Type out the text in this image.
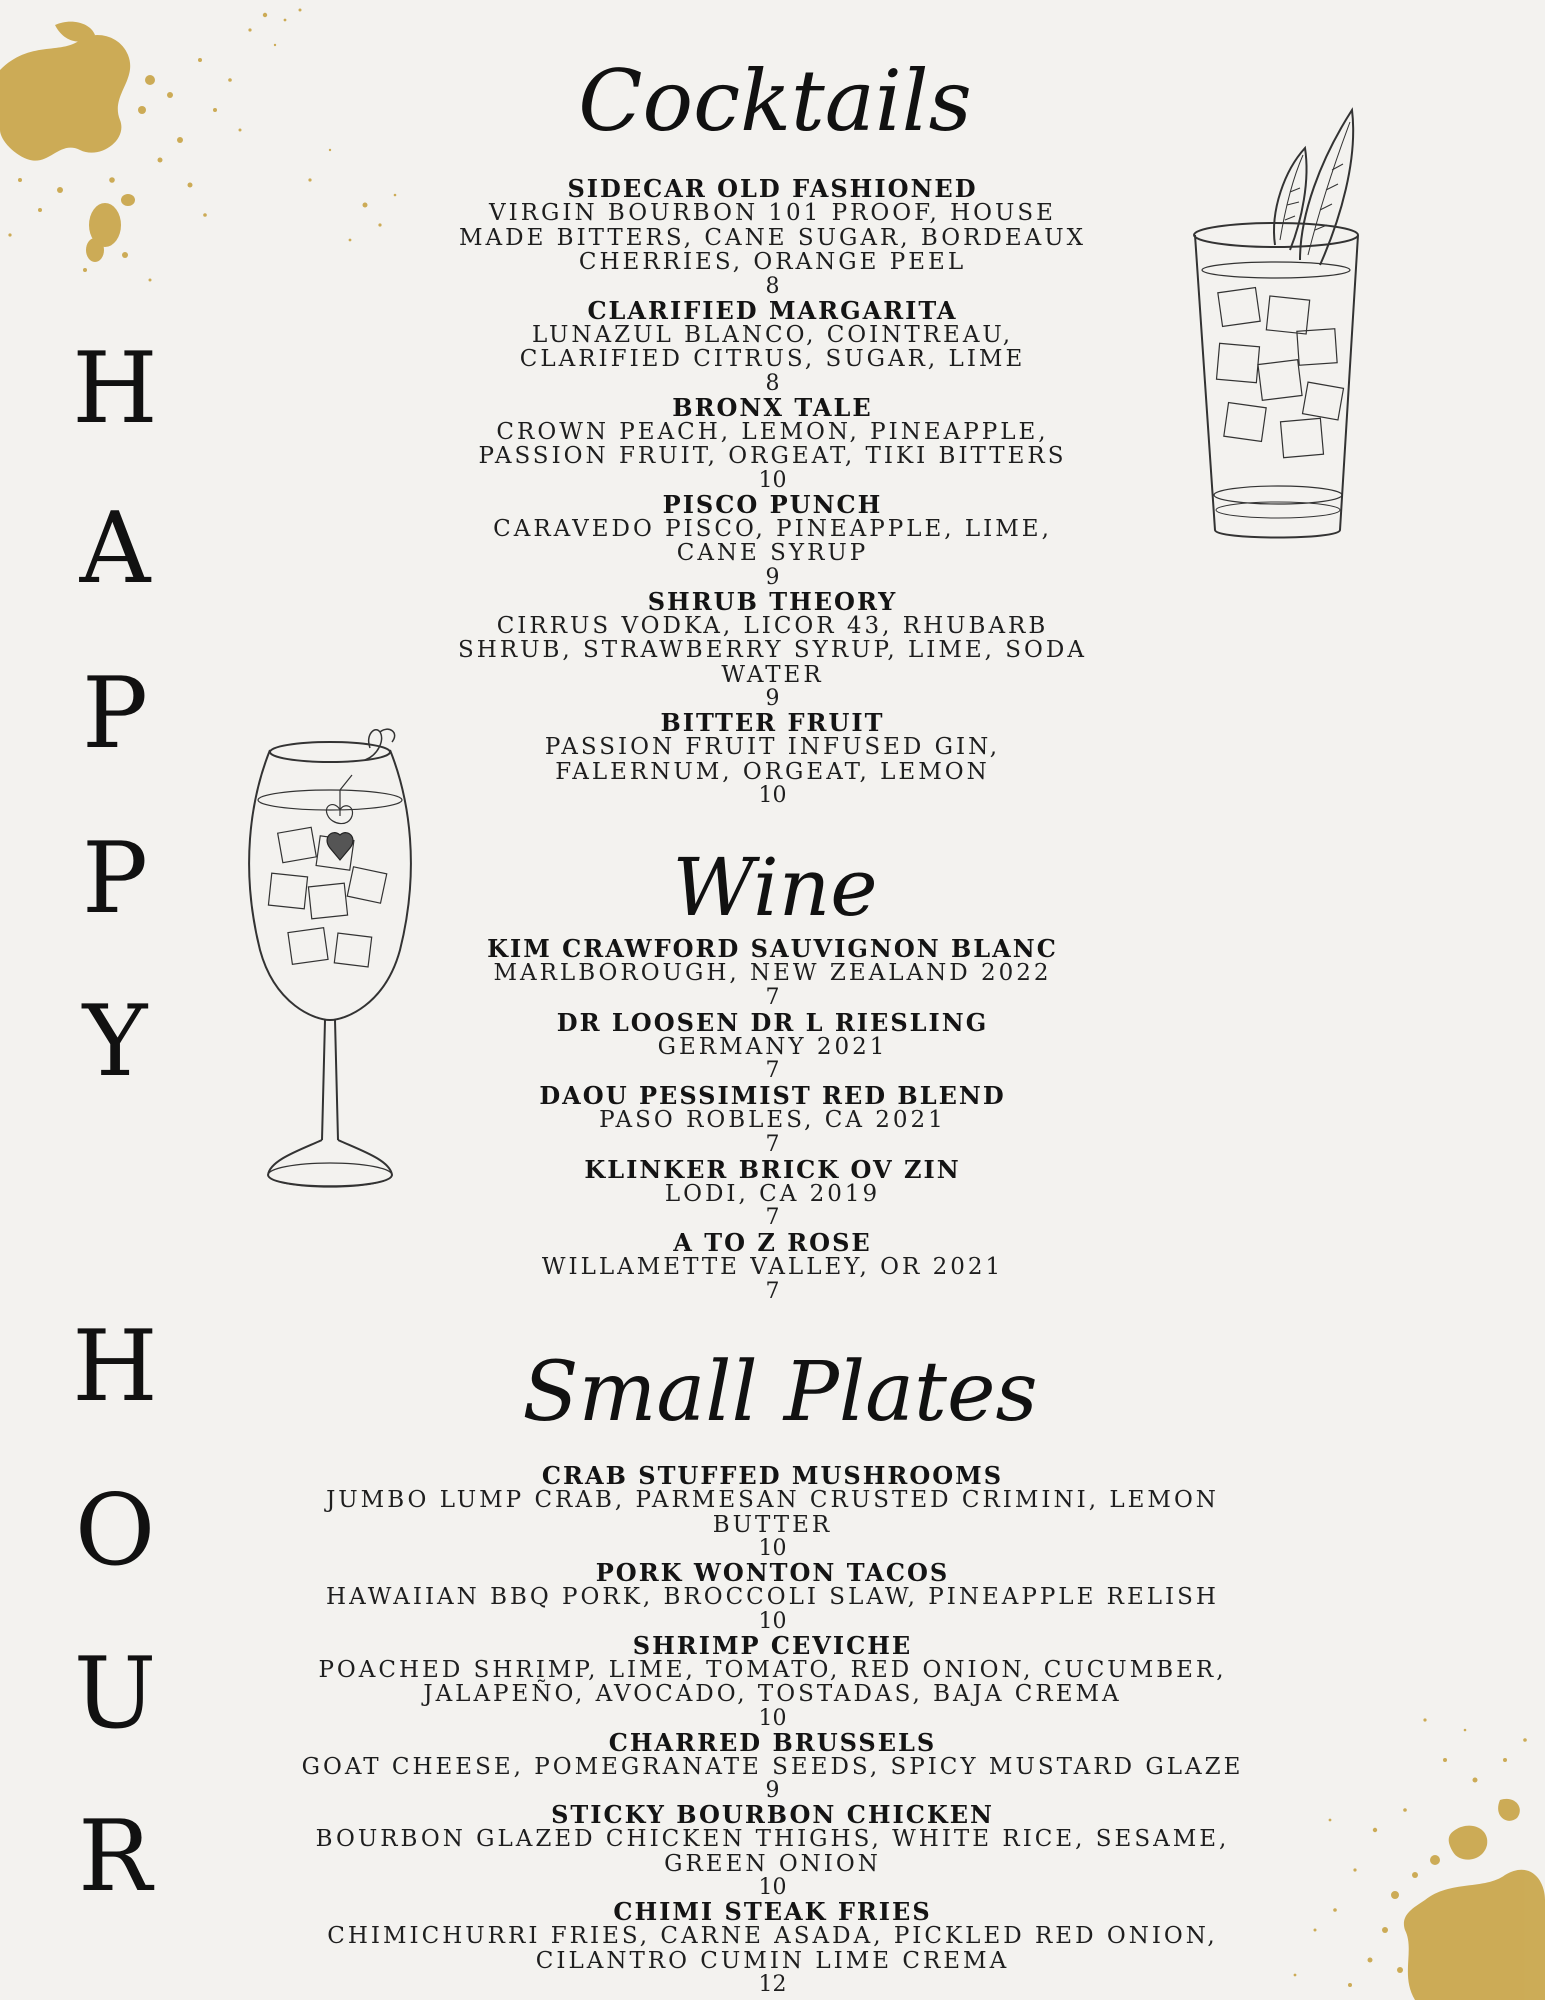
H
A
P
P
Y
H
O
U
R
Cocktails
SIDECAR OLD FASHIONED
VIRGIN BOURBON 101 PROOF, HOUSE MADE BITTERS, CANE SUGAR, BORDEAUX CHERRIES, ORANGE PEEL
8
CLARIFIED MARGARITA
LUNAZUL BLANCO, COINTREAU, CLARIFIED CITRUS, SUGAR, LIME
8
BRONX TALE
CROWN PEACH, LEMON, PINEAPPLE, PASSION FRUIT, ORGEAT, TIKI BITTERS
10
PISCO PUNCH
CARAVEDO PISCO, PINEAPPLE, LIME, CANE SYRUP
9
SHRUB THEORY
CIRRUS VODKA, LICOR 43, RHUBARB SHRUB, STRAWBERRY SYRUP, LIME, SODA WATER
9
BITTER FRUIT
PASSION FRUIT INFUSED GIN, FALERNUM, ORGEAT, LEMON
10
Wine
KIM CRAWFORD SAUVIGNON BLANC
MARLBOROUGH, NEW ZEALAND 2022
7
DR LOOSEN DR L RIESLING
GERMANY 2021
7
DAOU PESSIMIST RED BLEND
PASO ROBLES, CA 2021
7
KLINKER BRICK OV ZIN
LODI, CA 2019
7
A TO Z ROSE
WILLAMETTE VALLEY, OR 2021
7
Small Plates
CRAB STUFFED MUSHROOMS
JUMBO LUMP CRAB, PARMESAN CRUSTED CRIMINI, LEMON BUTTER
10
PORK WONTON TACOS
HAWAIIAN BBQ PORK, BROCCOLI SLAW, PINEAPPLE RELISH
10
SHRIMP CEVICHE
POACHED SHRIMP, LIME, TOMATO, RED ONION, CUCUMBER, JALAPEÑO, AVOCADO, TOSTADAS, BAJA CREMA
10
CHARRED BRUSSELS
GOAT CHEESE, POMEGRANATE SEEDS, SPICY MUSTARD GLAZE
9
STICKY BOURBON CHICKEN
BOURBON GLAZED CHICKEN THIGHS, WHITE RICE, SESAME, GREEN ONION
10
CHIMI STEAK FRIES
CHIMICHURRI FRIES, CARNE ASADA, PICKLED RED ONION, CILANTRO CUMIN LIME CREMA
12
